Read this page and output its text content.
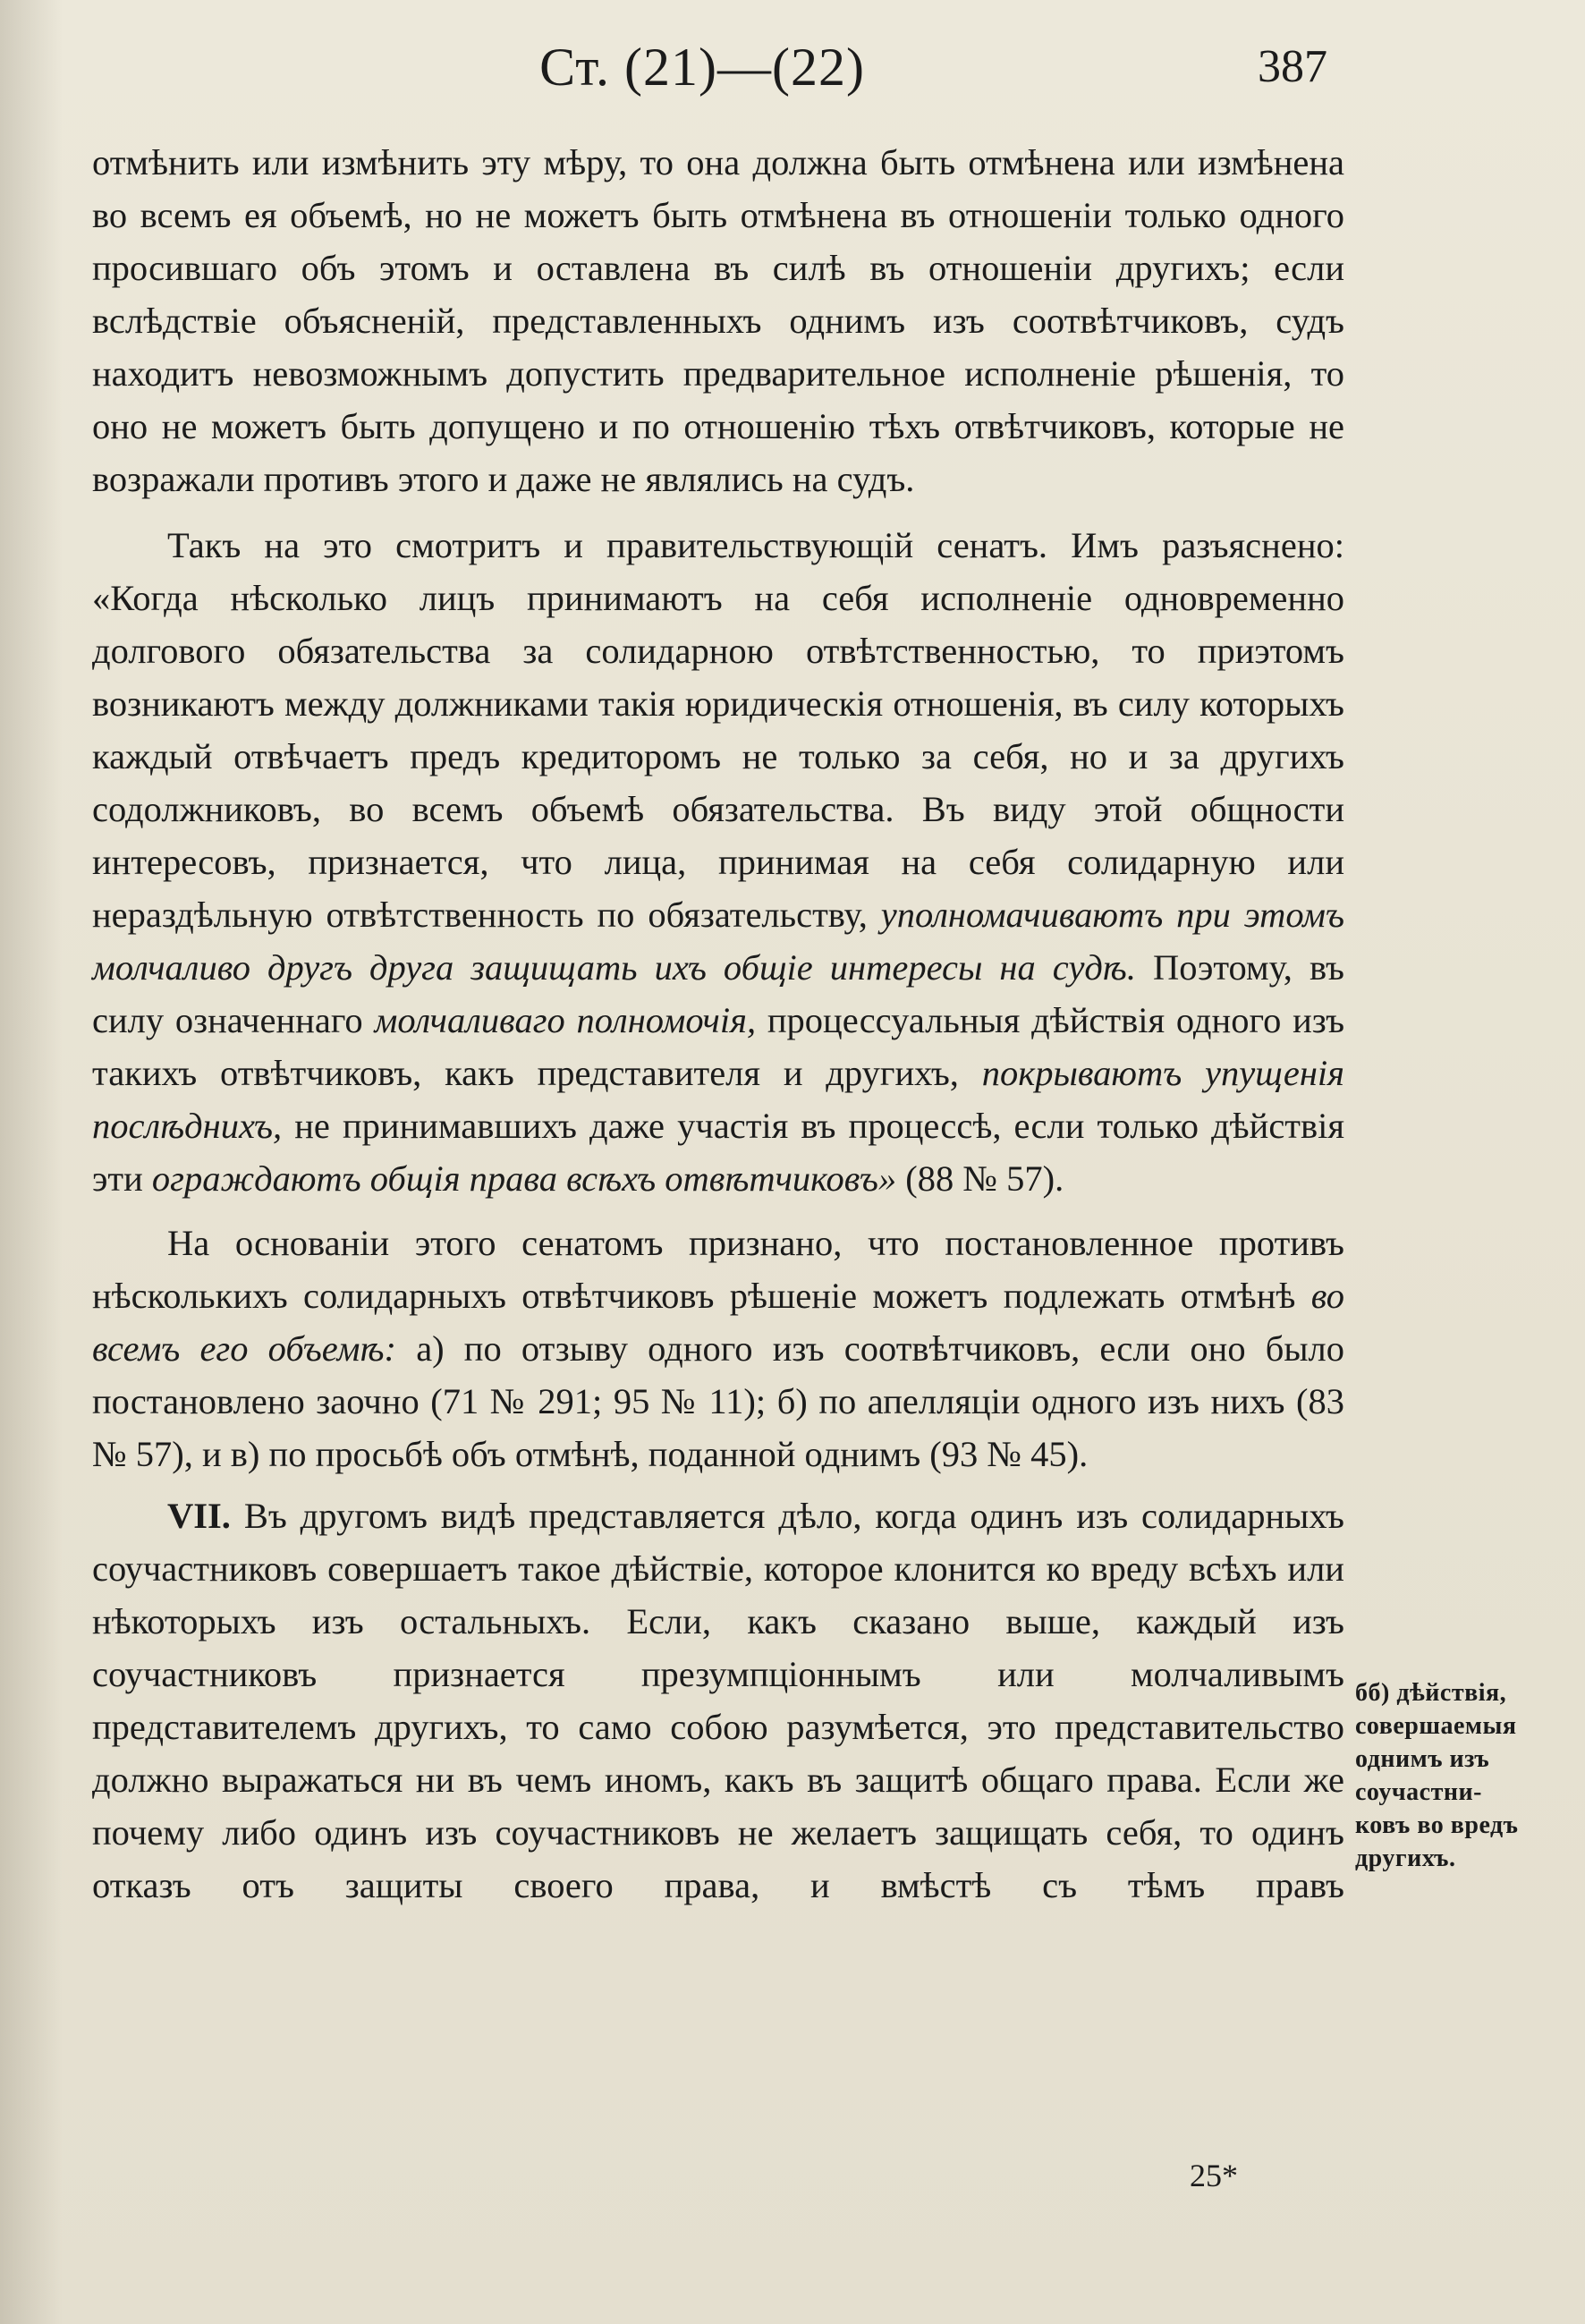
Ст. (21)—(22)	387

отмѣнить или измѣнить эту мѣру, то она должна быть отмѣнена или измѣнена во всемъ ея объемѣ, но не можетъ быть отмѣнена въ отношеніи только одного просившаго объ этомъ и оставлена въ силѣ въ отношеніи другихъ; если вслѣдствіе объясненій, представленныхъ однимъ изъ соотвѣтчиковъ, судъ находитъ невозможнымъ допустить предварительное исполненіе рѣшенія, то оно не можетъ быть допущено и по отношенію тѣхъ отвѣтчиковъ, которые не возражали противъ этого и даже не являлись на судъ.

Такъ на это смотритъ и правительствующій сенатъ. Имъ разъяснено: «Когда нѣсколько лицъ принимаютъ на себя исполненіе одновременно долгового обязательства за солидарною отвѣтственностью, то приэтомъ возникаютъ между должниками такія юридическія отношенія, въ силу которыхъ каждый отвѣчаетъ предъ кредиторомъ не только за себя, но и за другихъ содолжниковъ, во всемъ объемѣ обязательства. Въ виду этой общности интересовъ, признается, что лица, принимая на себя солидарную или нераздѣльную отвѣтственность по обязательству, уполномачиваютъ при этомъ молчаливо другъ друга защищать ихъ общіе интересы на судѣ. Поэтому, въ силу означеннаго молчаливаго полномочія, процессуальныя дѣйствія одного изъ такихъ отвѣтчиковъ, какъ представителя и другихъ, покрываютъ упущенія послѣднихъ, не принимавшихъ даже участія въ процессѣ, если только дѣйствія эти ограждаютъ общія права всѣхъ отвѣтчиковъ» (88 № 57).

На основаніи этого сенатомъ признано, что постановленное противъ нѣсколькихъ солидарныхъ отвѣтчиковъ рѣшеніе можетъ подлежать отмѣнѣ во всемъ его объемѣ: а) по отзыву одного изъ соотвѣтчиковъ, если оно было постановлено заочно (71 № 291; 95 № 11); б) по апелляціи одного изъ нихъ (83 № 57), и в) по просьбѣ объ отмѣнѣ, поданной однимъ (93 № 45).

VII. Въ другомъ видѣ представляется дѣло, когда одинъ изъ солидарныхъ соучастниковъ совершаетъ такое дѣйствіе, которое клонится ко вреду всѣхъ или нѣкоторыхъ изъ остальныхъ. Если, какъ сказано выше, каждый изъ соучастниковъ признается презумпціоннымъ или молчаливымъ представителемъ другихъ, то само собою разумѣется, это представительство должно выражаться ни въ чемъ иномъ, какъ въ защитѣ общаго права. Если же почему либо одинъ изъ соучастниковъ не желаетъ защищать себя, то одинъ отказъ отъ защиты своего права, и вмѣстѣ съ тѣмъ правъ

бб) дѣйствія,
совершаемыя
однимъ изъ
соучастни-
ковъ во вредъ
другихъ.
25*
